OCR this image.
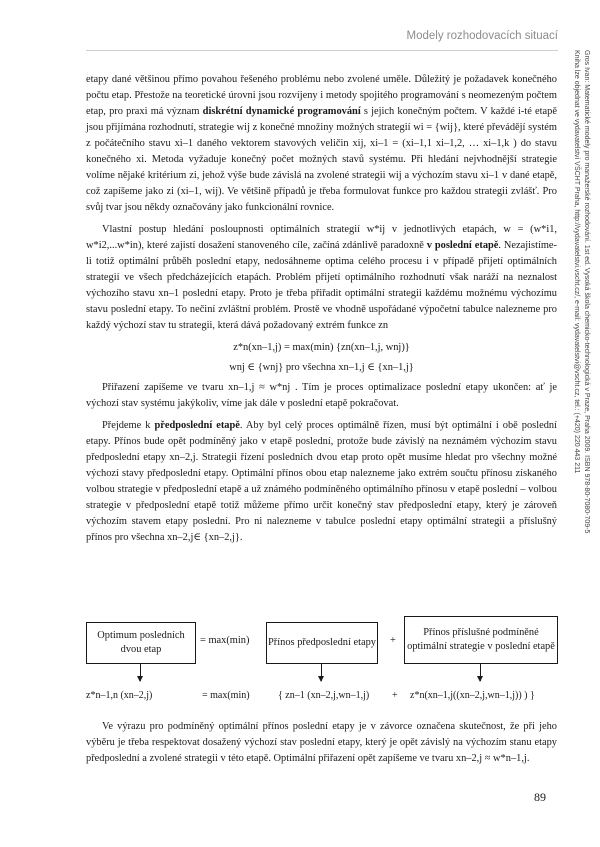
Modely rozhodovacích situací
Gros Ivan: Matematické modely pro manažerské rozhodování. 1st ed. Vysoká škola chemicko-technologická v Praze, Praha 2009. ISBN 978-80-7080-709-5
Kniha lze objednat ve vydavatelství VŠCHT Praha, http://vydavatelstvi.vscht.cz/, e-mail: vydavatelstvi@vscht.cz, tel.: (+420) 220 443 211

etapy dané většinou přímo povahou řešeného problému nebo zvolené uměle. Důležitý je požadavek konečného počtu etap. Přestože na teoretické úrovni jsou rozvíjeny i metody spojitého programování s neomezeným počtem etap, pro praxi má význam diskrétní dynamické programování s jejich konečným počtem. V každé i-té etapě jsou přijímána rozhodnutí, strategie wij z konečné množiny možných strategií wi = {wij}, které převádějí systém z počátečního stavu xi–1 daného vektorem stavových veličin xij, xi–1 = (xi–1,1 xi–1,2, … xi–1,k ) do stavu konečného xi. Metoda vyžaduje konečný počet možných stavů systému. Při hledání nejvhodnější strategie volíme nějaké kritérium zi, jehož výše bude závislá na zvolené strategii wij a výchozím stavu xi–1 v dané etapě, což zapíšeme jako zi (xi–1, wij). Ve většině případů je třeba formulovat funkce pro každou strategii zvlášť. Pro svůj tvar jsou někdy označovány jako funkcionální rovnice.

Vlastní postup hledání posloupnosti optimálních strategií w*ij v jednotlivých etapách, w = (w*i1, w*i2,...w*in), které zajistí dosažení stanoveného cíle, začíná zdánlivě paradoxně v poslední etapě. Nezajistíme-li totiž optimální průběh poslední etapy, nedosáhneme optima celého procesu i v případě přijetí optimálních strategií ve všech předcházejících etapách. Problém přijetí optimálního rozhodnutí však naráží na neznalost výchozího stavu xn–1 poslední etapy. Proto je třeba přiřadit optimální strategii každému možnému výchozímu stavu poslední etapy. To nečiní zvláštní problém. Prostě ve vhodně uspořádané výpočetní tabulce nalezneme pro každý výchozí stav tu strategii, která dává požadovaný extrém funkce zn

z*n(xn–1,j) = max(min) {zn(xn–1,j, wnj)}
wnj ∈ {wnj} pro všechna xn–1,j ∈ {xn–1,j}

Přiřazení zapíšeme ve tvaru xn–1,j ≈ w*nj . Tím je proces optimalizace poslední etapy ukončen: ať je výchozí stav systému jakýkoliv, víme jak dále v poslední etapě pokračovat.

Přejdeme k předposlední etapě. Aby byl celý proces optimálně řízen, musí být optimální i obě poslední etapy. Přínos bude opět podmíněný jako v etapě poslední, protože bude závislý na neznámém výchozím stavu předposlední etapy xn–2,j. Strategii řízení posledních dvou etap proto opět musíme hledat pro všechny možné výchozí stavy předposlední etapy. Optimální přínos obou etap nalezneme jako extrém součtu přínosu získaného volbou strategie v předposlední etapě a už známého podmíněného optimálního přínosu v etapě poslední – volbou strategie v předposlední etapě totiž můžeme přímo určit konečný stav předposlední etapy, který je zároveň výchozím stavem etapy poslední. Pro ni nalezneme v tabulce poslední etapy optimální strategii a příslušný přínos pro všechna xn–2,j∈ {xn–2,j}.

Optimum posledních dvou etap
= max(min) Přínos předposlední etapy +
Přínos příslušné podmíněné optimální strategie v poslední etapě
z*n–1,n (xn–2,j)	= max(min)	{ zn–1 (xn–2,j,wn–1,j) + z*n(xn–1,j((xn–2,j,wn–1,j)) ) }

Ve výrazu pro podmíněný optimální přínos poslední etapy je v závorce označena skutečnost, že při jeho výběru je třeba respektovat dosažený výchozí stav poslední etapy, který je opět závislý na výchozím stanu etapy předposlední a zvolené strategii v této etapě. Optimální přiřazení opět zapíšeme ve tvaru xn–2,j ≈ w*n–1,j.

89
